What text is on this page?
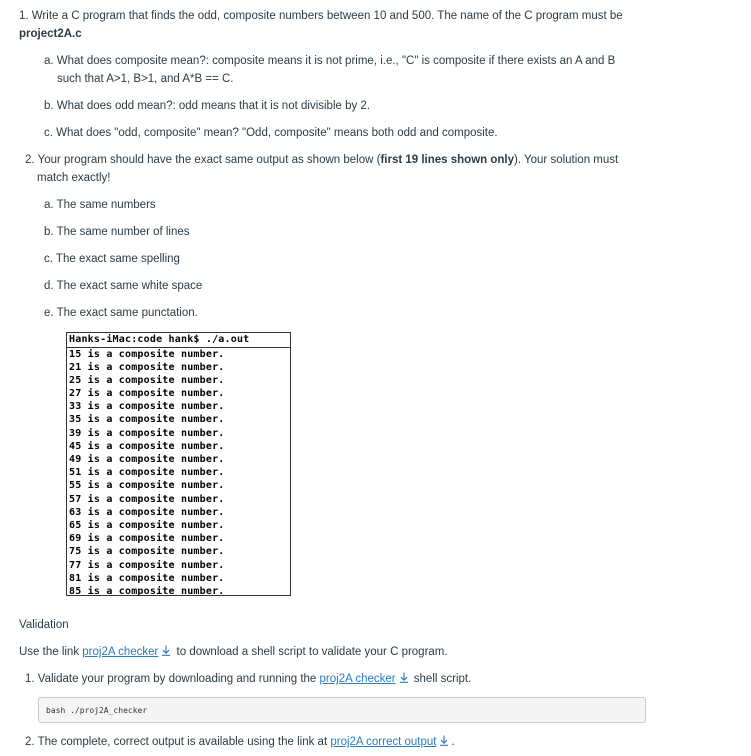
1. Write a C program that finds the odd, composite numbers between 10 and 500. The name of the C program must be
project2A.c
a. What does composite mean?: composite means it is not prime, i.e., "C" is composite if there exists an A and B
such that A>1, B>1, and A*B == C.
b. What does odd mean?: odd means that it is not divisible by 2.
c. What does "odd, composite" mean? "Odd, composite" means both odd and composite.
2. Your program should have the exact same output as shown below (first 19 lines shown only). Your solution must
match exactly!
a. The same numbers
b. The same number of lines
c. The exact same spelling
d. The exact same white space
e. The exact same punctation.
Hanks-iMac:code hank$ ./a.out
15 is a composite number.
21 is a composite number.
25 is a composite number.
27 is a composite number.
33 is a composite number.
35 is a composite number.
39 is a composite number.
45 is a composite number.
49 is a composite number.
51 is a composite number.
55 is a composite number.
57 is a composite number.
63 is a composite number.
65 is a composite number.
69 is a composite number.
75 is a composite number.
77 is a composite number.
81 is a composite number.
85 is a composite number.
Validation
Use the link proj2A checker to download a shell script to validate your C program.
1. Validate your program by downloading and running the proj2A checker shell script.
bash ./proj2A_checker
2. The complete, correct output is available using the link at proj2A correct output .
